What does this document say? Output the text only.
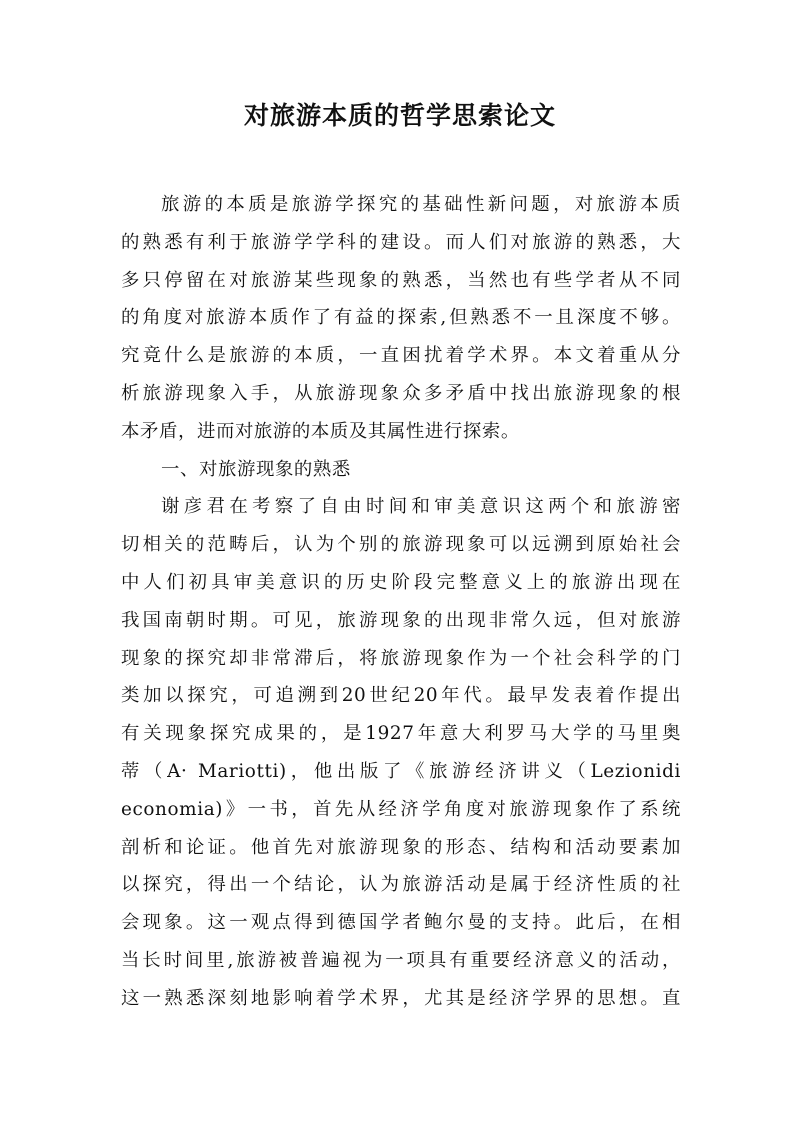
对旅游本质的哲学思索论文
旅游的本质是旅游学探究的基础性新问题，对旅游本质
的熟悉有利于旅游学学科的建设。而人们对旅游的熟悉，大
多只停留在对旅游某些现象的熟悉，当然也有些学者从不同
的角度对旅游本质作了有益的探索,但熟悉不一且深度不够。
究竟什么是旅游的本质，一直困扰着学术界。本文着重从分
析旅游现象入手，从旅游现象众多矛盾中找出旅游现象的根
本矛盾，进而对旅游的本质及其属性进行探索。
一、对旅游现象的熟悉
谢彦君在考察了自由时间和审美意识这两个和旅游密
切相关的范畴后，认为个别的旅游现象可以远溯到原始社会
中人们初具审美意识的历史阶段完整意义上的旅游出现在
我国南朝时期。可见，旅游现象的出现非常久远，但对旅游
现象的探究却非常滞后，将旅游现象作为一个社会科学的门
类加以探究，可追溯到20世纪20年代。最早发表着作提出
有关现象探究成果的，是1927年意大利罗马大学的马里奥
蒂（A· Mariotti)，他出版了《旅游经济讲义（Lezionidi
economia)》一书，首先从经济学角度对旅游现象作了系统
剖析和论证。他首先对旅游现象的形态、结构和活动要素加
以探究，得出一个结论，认为旅游活动是属于经济性质的社
会现象。这一观点得到德国学者鲍尔曼的支持。此后，在相
当长时间里,旅游被普遍视为一项具有重要经济意义的活动，
这一熟悉深刻地影响着学术界，尤其是经济学界的思想。直
